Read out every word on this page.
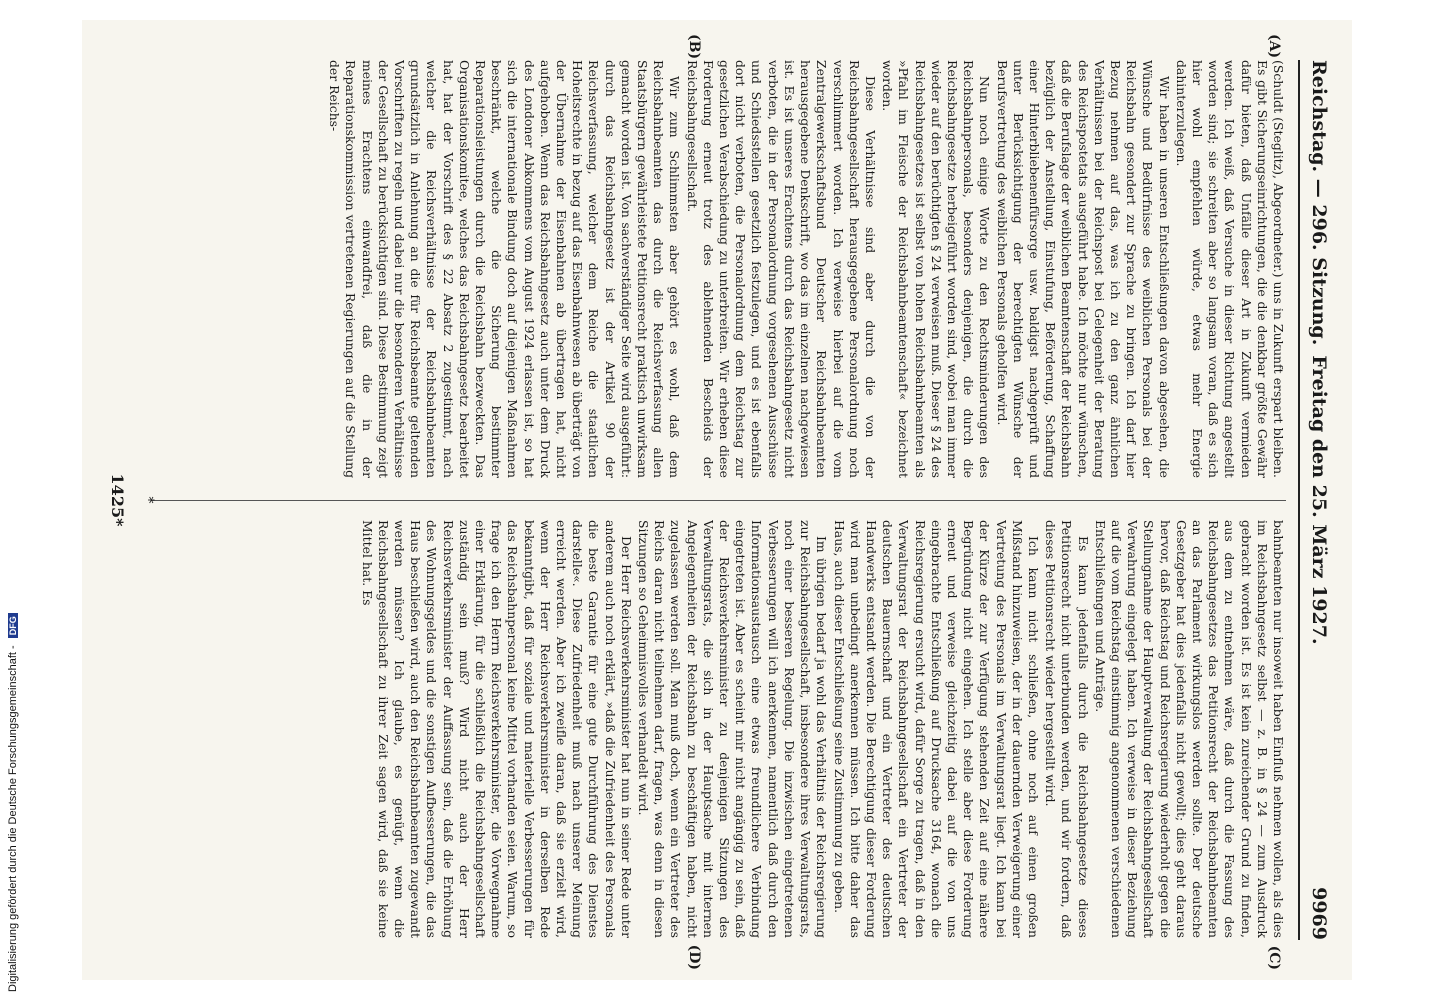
Digitalisierung gefördert durch die Deutsche Forschungsgemeinschaft - DFG
Reichstag. — 296. Sitzung.
Freitag den 25. März 1927.
9969
(A)
(B)
(C)
(D)

(Schuldt (Steglitz), Abgeordneter.) uns in Zukunft erspart bleiben. Es gibt Sicherungseinrichtungen, die die denkbar größte Gewähr dafür bieten, daß Unfälle dieser Art in Zukunft vermieden werden. Ich weiß, daß Versuche in dieser Richtung angestellt worden sind; sie schreiten aber so langsam voran, daß es sich hier wohl empfehlen würde, etwas mehr Energie dahinterzulegen.

Wir haben in unseren Entschließungen davon abgesehen, die Wünsche und Bedürfnisse des weiblichen Personals bei der Reichsbahn gesondert zur Sprache zu bringen. Ich darf hier Bezug nehmen auf das, was ich zu den ganz ähnlichen Verhältnissen bei der Reichspost bei Gelegenheit der Beratung des Reichspostetats ausgeführt habe. Ich möchte nur wünschen, daß die Berufslage der weiblichen Beamtenschaft der Reichsbahn bezüglich der Anstellung, Einstufung, Beförderung, Schaffung einer Hinterbliebenenfürsorge usw. baldigst nachgeprüft und unter Berücksichtigung der berechtigten Wünsche der Berufsvertretung des weiblichen Personals geholfen wird.

Nun noch einige Worte zu den Rechtsminderungen des Reichsbahnpersonals, besonders denjenigen, die durch die Reichsbahngesetze herbeigeführt worden sind, wobei man immer wieder auf den berüchtigten § 24 verweisen muß. Dieser § 24 des Reichsbahngesetzes ist selbst von hohen Reichsbahnbeamten als »Pfahl im Fleische der Reichsbahnbeamtenschaft« bezeichnet worden.

Diese Verhältnisse sind aber durch die von der Reichsbahngesellschaft herausgegebene Personalordnung noch verschlimmert worden. Ich verweise hierbei auf die vom Zentralgewerkschaftsbund Deutscher Reichsbahnbeamten herausgegebene Denkschrift, wo das im einzelnen nachgewiesen ist. Es ist unseres Erachtens durch das Reichsbahngesetz nicht verboten, die in der Personalordnung vorgesehenen Ausschüsse und Schiedsstellen gesetzlich festzulegen, und es ist ebenfalls dort nicht verboten, die Personalordnung dem Reichstag zur gesetzlichen Verabschiedung zu unterbreiten. Wir erheben diese Forderung erneut trotz des ablehnenden Bescheids der Reichsbahngesellschaft.

Wir zum Schlimmsten aber gehört es wohl, daß dem Reichsbahnbeamten das durch die Reichsverfassung allen Staatsbürgern gewährleistete Petitionsrecht praktisch unwirksam gemacht worden ist. Von sachverständiger Seite wird ausgeführt: durch das Reichsbahngesetz ist der Artikel 90 der Reichsverfassung, welcher dem Reiche die staatlichen Hoheitsrechte in bezug auf das Eisenbahnwesen ab überträgt von der Übernahme der Eisenbahnen ab übertragen hat, nicht aufgehoben. Wenn das Reichsbahngesetz auch unter dem Druck des Londoner Abkommens vom August 1924 erlassen ist, so hat sich die internationale Bindung doch auf diejenigen Maßnahmen beschränkt, welche die Sicherung bestimmter Reparationsleistungen durch die Reichsbahn bezweckten. Das Organisationskomitee, welches das Reichsbahngesetz bearbeitet hat, hat der Vorschrift des § 22 Absatz 2 zugestimmt, nach welcher die Reichsverhältnisse der Reichsbahnbeamten grundsätzlich in Anlehnung an die für Reichsbeamte geltenden Vorschriften zu regeln und dabei nur die besonderen Verhältnisse der Gesellschaft zu berücksichtigen sind. Diese Bestimmung zeigt meines Erachtens einwandfrei, daß die in der Reparationskommission vertretenen Regierungen auf die Stellung der Reichs-

bahnbeamten nur insoweit haben Einfluß nehmen wollen, als dies im Reichsbahngesetz selbst — z. B. in § 24 — zum Ausdruck gebracht worden ist. Es ist kein zureichender Grund zu finden, aus dem zu entnehmen wäre, daß durch die Fassung des Reichsbahngesetzes das Petitionsrecht der Reichsbahnbeamten an das Parlament wirkungslos werden sollte. Der deutsche Gesetzgeber hat dies jedenfalls nicht gewollt; dies geht daraus hervor, daß Reichstag und Reichsregierung wiederholt gegen die Stellungnahme der Hauptverwaltung der Reichsbahngesellschaft Verwahrung eingelegt haben. Ich verweise in dieser Beziehung auf die vom Reichstag einstimmig angenommenen verschiedenen Entschließungen und Anträge.

Es kann jedenfalls durch die Reichsbahngesetze dieses Petitionsrecht nicht unterbunden werden, und wir fordern, daß dieses Petitionsrecht wieder hergestellt wird.

Ich kann nicht schließen, ohne noch auf einen großen Mißstand hinzuweisen, der in der dauernden Verweigerung einer Vertretung des Personals im Verwaltungsrat liegt. Ich kann bei der Kürze der zur Verfügung stehenden Zeit auf eine nähere Begründung nicht eingehen. Ich stelle aber diese Forderung erneut und verweise gleichzeitig dabei auf die von uns eingebrachte Entschließung auf Drucksache 3164, wonach die Reichsregierung ersucht wird, dafür Sorge zu tragen, daß in den Verwaltungsrat der Reichsbahngesellschaft ein Vertreter der deutschen Bauernschaft und ein Vertreter des deutschen Handwerks entsandt werden. Die Berechtigung dieser Forderung wird man unbedingt anerkennen müssen. Ich bitte daher das Haus, auch dieser Entschließung seine Zustimmung zu geben.

Im übrigen bedarf ja wohl das Verhältnis der Reichsregierung zur Reichsbahngesellschaft, insbesondere ihres Verwaltungsrats, noch einer besseren Regelung. Die inzwischen eingetretenen Verbesserungen will ich anerkennen, namentlich daß durch den Informationsaustausch eine etwas freundlichere Verbindung eingetreten ist. Aber es scheint mir nicht angängig zu sein, daß der Reichsverkehrsminister zu denjenigen Sitzungen des Verwaltungsrats, die sich in der Hauptsache mit internen Angelegenheiten der Reichsbahn zu beschäftigen haben, nicht zugelassen werden soll. Man muß doch, wenn ein Vertreter des Reichs daran nicht teilnehmen darf, fragen, was denn in diesen Sitzungen so Geheimnisvolles verhandelt wird.

Der Herr Reichsverkehrsminister hat nun in seiner Rede unter anderem auch noch erklärt, »daß die Zufriedenheit des Personals die beste Garantie für eine gute Durchführung des Dienstes darstelle«. Diese Zufriedenheit muß nach unserer Meinung erreicht werden. Aber ich zweifle daran, daß sie erzielt wird, wenn der Herr Reichsverkehrsminister in derselben Rede bekanntgibt, daß für soziale und materielle Verbesserungen für das Reichsbahnpersonal keine Mittel vorhanden seien. Warum, so frage ich den Herrn Reichsverkehrsminister, die Vorwegnahme einer Erklärung, für die schließlich die Reichsbahngesellschaft zuständig sein muß? Wird nicht auch der Herr Reichsverkehrsminister der Auffassung sein, daß die Erhöhung des Wohnungsgeldes und die sonstigen Aufbesserungen, die das Haus beschließen wird, auch den Reichsbahnbeamten zugewandt werden müssen? Ich glaube, es genügt, wenn die Reichsbahngesellschaft zu ihrer Zeit sagen wird, daß sie keine Mittel hat. Es

*
1425*
